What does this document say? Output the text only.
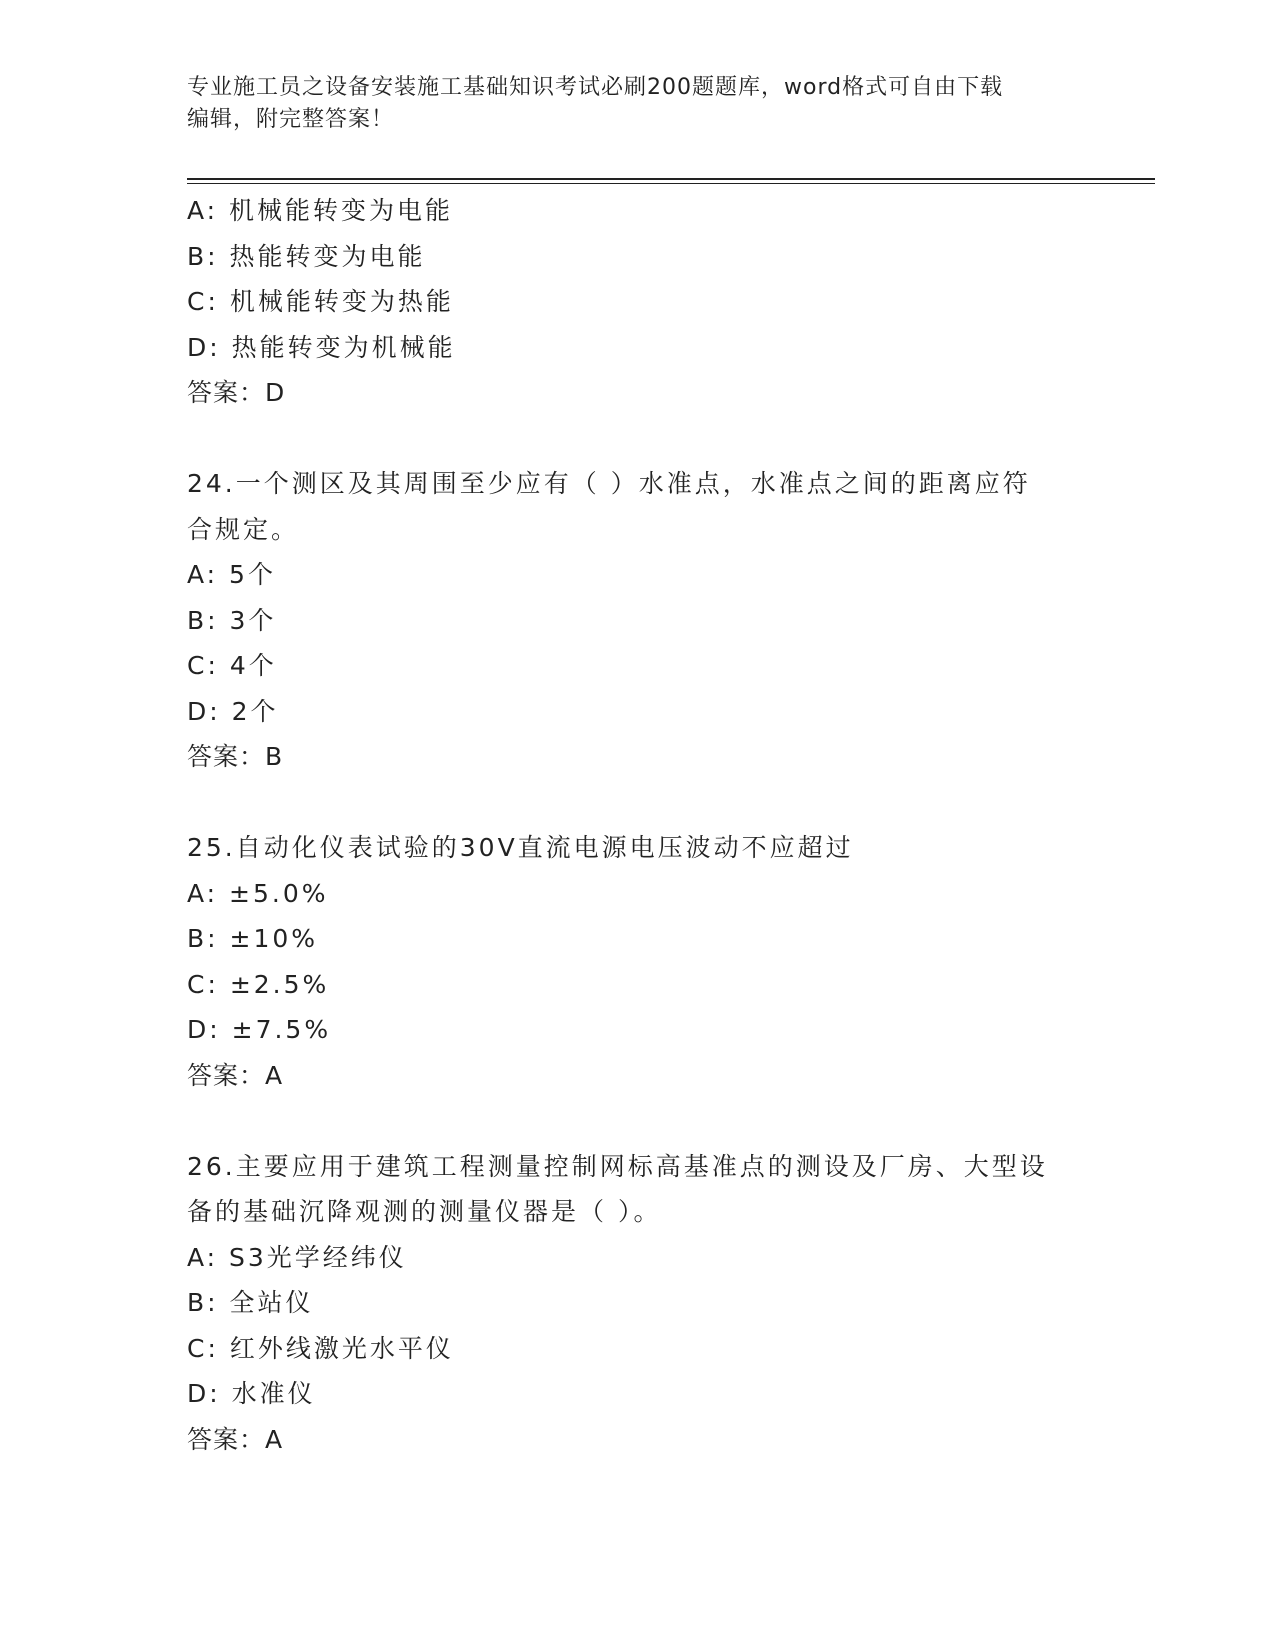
专业施工员之设备安装施工基础知识考试必刷200题题库，word格式可自由下载
编辑，附完整答案！
A: 机械能转变为电能
B: 热能转变为电能
C: 机械能转变为热能
D: 热能转变为机械能
答案：D
24.一个测区及其周围至少应有（ ）水准点，水准点之间的距离应符
合规定。
A: 5个
B: 3个
C: 4个
D: 2个
答案：B
25.自动化仪表试验的30V直流电源电压波动不应超过
A: ±5.0%
B: ±10%
C: ±2.5%
D: ±7.5%
答案：A
26.主要应用于建筑工程测量控制网标高基准点的测设及厂房、大型设
备的基础沉降观测的测量仪器是（ ）。
A: S3光学经纬仪
B: 全站仪
C: 红外线激光水平仪
D: 水准仪
答案：A
